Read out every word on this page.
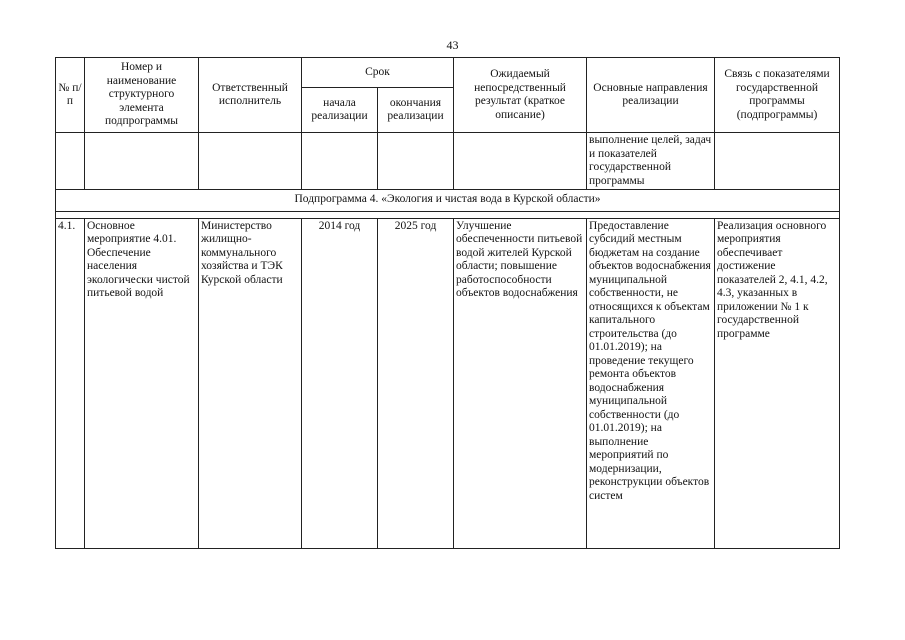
43
№ п/п	Номер и наименование структурного элемента подпрограммы	Ответственный исполнитель	Срок		Ожидаемый непосредственный результат (краткое описание)	Основные направления реализации	Связь с показателями государственной программы (подпрограммы)
			начала реализации	окончания реализации			
						выполнение целей, задач и показателей государственной программы	
Подпрограмма 4. «Экология и чистая вода в Курской области»							

4.1.	Основное мероприятие 4.01. Обеспечение населения экологически чистой питьевой водой	Министерство жилищно-коммунального хозяйства и ТЭК Курской области	2014 год	2025 год	Улучшение обеспеченности питьевой водой жителей Курской области; повышение работоспособности объектов водоснабжения	Предоставление субсидий местным бюджетам на создание объектов водоснабжения муниципальной собственности, не относящихся к объектам капитального строительства (до 01.01.2019); на проведение текущего ремонта объектов водоснабжения муниципальной собственности (до 01.01.2019); на выполнение мероприятий по модернизации, реконструкции объектов систем	Реализация основного мероприятия обеспечивает достижение показателей 2, 4.1, 4.2, 4.3, указанных в приложении № 1 к государственной программе
